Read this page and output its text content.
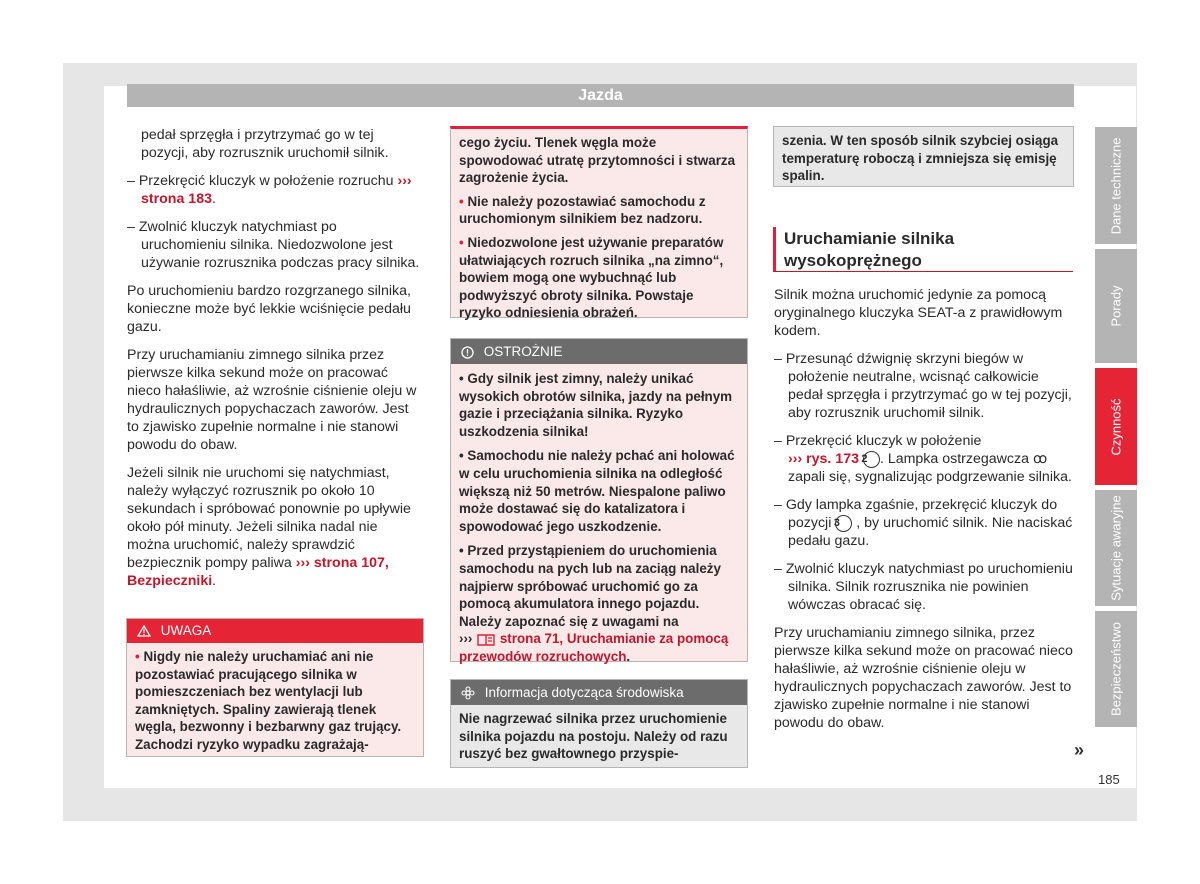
Jazda

pedał sprzęgła i przytrzymać go w tej pozycji, aby rozrusznik uruchomił silnik.

– Przekręcić kluczyk w położenie rozruchu ››› strona 183.

– Zwolnić kluczyk natychmiast po uruchomieniu silnika. Niedozwolone jest używanie rozrusznika podczas pracy silnika.

Po uruchomieniu bardzo rozgrzanego silnika, konieczne może być lekkie wciśnięcie pedału gazu.

Przy uruchamianiu zimnego silnika przez pierwsze kilka sekund może on pracować nieco hałaśliwie, aż wzrośnie ciśnienie oleju w hydraulicznych popychaczach zaworów. Jest to zjawisko zupełnie normalne i nie stanowi powodu do obaw.

Jeżeli silnik nie uruchomi się natychmiast, należy wyłączyć rozrusznik po około 10 sekundach i spróbować ponownie po upływie około pół minuty. Jeżeli silnika nadal nie można uruchomić, należy sprawdzić bezpiecznik pompy paliwa ››› strona 107, Bezpieczniki.

UWAGA
• Nigdy nie należy uruchamiać ani nie pozostawiać pracującego silnika w pomieszczeniach bez wentylacji lub zamkniętych. Spaliny zawierają tlenek węgla, bezwonny i bezbarwny gaz trujący. Zachodzi ryzyko wypadku zagrażają-

cego życiu. Tlenek węgla może spowodować utratę przytomności i stwarza zagrożenie życia.

• Nie należy pozostawiać samochodu z uruchomionym silnikiem bez nadzoru.

• Niedozwolone jest używanie preparatów ułatwiających rozruch silnika „na zimno“, bowiem mogą one wybuchnąć lub podwyższyć obroty silnika. Powstaje ryzyko odniesienia obrażeń.

OSTROŻNIE

• Gdy silnik jest zimny, należy unikać wysokich obrotów silnika, jazdy na pełnym gazie i przeciążania silnika. Ryzyko uszkodzenia silnika!

• Samochodu nie należy pchać ani holować w celu uruchomienia silnika na odległość większą niż 50 metrów. Niespalone paliwo może dostawać się do katalizatora i spowodować jego uszkodzenie.

• Przed przystąpieniem do uruchomienia samochodu na pych lub na zaciąg należy najpierw spróbować uruchomić go za pomocą akumulatora innego pojazdu. Należy zapoznać się z uwagami na
››› strona 71, Uruchamianie za pomocą przewodów rozruchowych.

Informacja dotycząca środowiska
Nie nagrzewać silnika przez uruchomienie silnika pojazdu na postoju. Należy od razu ruszyć bez gwałtownego przyspie-
szenia. W ten sposób silnik szybciej osiąga temperaturę roboczą i zmniejsza się emisję spalin.
Uruchamianie silnika wysokoprężnego

Silnik można uruchomić jedynie za pomocą oryginalnego kluczyka SEAT-a z prawidłowym kodem.

– Przesunąć dźwignię skrzyni biegów w położenie neutralne, wcisnąć całkowicie pedał sprzęgła i przytrzymać go w tej pozycji, aby rozrusznik uruchomił silnik.

– Przekręcić kluczyk w położenie
››› rys. 173 2 . Lampka ostrzegawcza ꝏ zapali się, sygnalizując podgrzewanie silnika.

– Gdy lampka zgaśnie, przekręcić kluczyk do pozycji 3 , by uruchomić silnik. Nie naciskać pedału gazu.

– Zwolnić kluczyk natychmiast po uruchomieniu silnika. Silnik rozrusznika nie powinien wówczas obracać się.

Przy uruchamianiu zimnego silnika, przez pierwsze kilka sekund może on pracować nieco hałaśliwie, aż wzrośnie ciśnienie oleju w hydraulicznych popychaczach zaworów. Jest to zjawisko zupełnie normalne i nie stanowi powodu do obaw.

Dane techniczne
Porady
Czynność
Sytuacje awaryjne
Bezpieczeństwo
»
185
